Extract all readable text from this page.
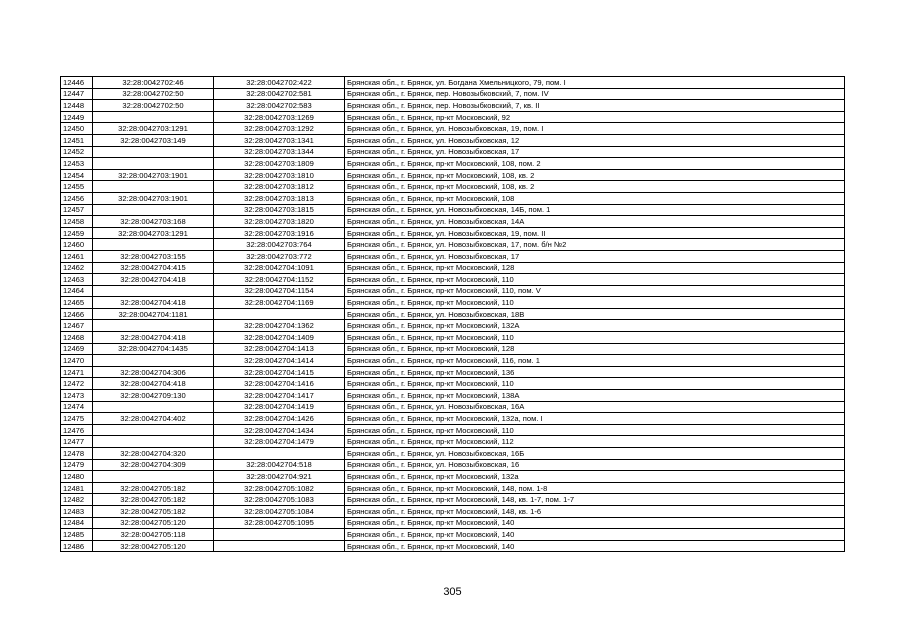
12446	32:28:0042702:46	32:28:0042702:422	Брянская обл., г. Брянск, ул. Богдана Хмельницкого, 79, пом. I
12447	32:28:0042702:50	32:28:0042702:581	Брянская обл., г. Брянск, пер. Новозыбковский, 7, пом. IV
12448	32:28:0042702:50	32:28:0042702:583	Брянская обл., г. Брянск, пер. Новозыбковский, 7, кв. II
12449		32:28:0042703:1269	Брянская обл., г. Брянск, пр-кт Московский, 92
12450	32:28:0042703:1291	32:28:0042703:1292	Брянская обл., г. Брянск, ул. Новозыбковская, 19, пом. I
12451	32:28:0042703:149	32:28:0042703:1341	Брянская обл., г. Брянск, ул. Новозыбковская, 12
12452		32:28:0042703:1344	Брянская обл., г. Брянск, ул. Новозыбковская, 17
12453		32:28:0042703:1809	Брянская обл., г. Брянск, пр-кт Московский, 108, пом. 2
12454	32:28:0042703:1901	32:28:0042703:1810	Брянская обл., г. Брянск, пр-кт Московский, 108, кв. 2
12455		32:28:0042703:1812	Брянская обл., г. Брянск, пр-кт Московский, 108, кв. 2
12456	32:28:0042703:1901	32:28:0042703:1813	Брянская обл., г. Брянск, пр-кт Московский, 108
12457		32:28:0042703:1815	Брянская обл., г. Брянск, ул. Новозыбковская, 14Б, пом. 1
12458	32:28:0042703:168	32:28:0042703:1820	Брянская обл., г. Брянск, ул. Новозыбковская, 14А
12459	32:28:0042703:1291	32:28:0042703:1916	Брянская обл., г. Брянск, ул. Новозыбковская, 19, пом. II
12460		32:28:0042703:764	Брянская обл., г. Брянск, ул. Новозыбковская, 17, пом. б/н №2
12461	32:28:0042703:155	32:28:0042703:772	Брянская обл., г. Брянск, ул. Новозыбковская, 17
12462	32:28:0042704:415	32:28:0042704:1091	Брянская обл., г. Брянск, пр-кт Московский, 128
12463	32:28:0042704:418	32:28:0042704:1152	Брянская обл., г. Брянск, пр-кт Московский, 110
12464		32:28:0042704:1154	Брянская обл., г. Брянск, пр-кт Московский, 110, пом. V
12465	32:28:0042704:418	32:28:0042704:1169	Брянская обл., г. Брянск, пр-кт Московский, 110
12466	32:28:0042704:1181		Брянская обл., г. Брянск, ул. Новозыбковская, 18В
12467		32:28:0042704:1362	Брянская обл., г. Брянск, пр-кт Московский, 132А
12468	32:28:0042704:418	32:28:0042704:1409	Брянская обл., г. Брянск, пр-кт Московский, 110
12469	32:28:0042704:1435	32:28:0042704:1413	Брянская обл., г. Брянск, пр-кт Московский, 128
12470		32:28:0042704:1414	Брянская обл., г. Брянск, пр-кт Московский, 116, пом. 1
12471	32:28:0042704:306	32:28:0042704:1415	Брянская обл., г. Брянск, пр-кт Московский, 136
12472	32:28:0042704:418	32:28:0042704:1416	Брянская обл., г. Брянск, пр-кт Московский, 110
12473	32:28:0042709:130	32:28:0042704:1417	Брянская обл., г. Брянск, пр-кт Московский, 138А
12474		32:28:0042704:1419	Брянская обл., г. Брянск, ул. Новозыбковская, 16А
12475	32:28:0042704:402	32:28:0042704:1426	Брянская обл., г. Брянск, пр-кт Московский, 132а, пом. I
12476		32:28:0042704:1434	Брянская обл., г. Брянск, пр-кт Московский, 110
12477		32:28:0042704:1479	Брянская обл., г. Брянск, пр-кт Московский, 112
12478	32:28:0042704:320		Брянская обл., г. Брянск, ул. Новозыбковская, 16Б
12479	32:28:0042704:309	32:28:0042704:518	Брянская обл., г. Брянск, ул. Новозыбковская, 16
12480		32:28:0042704:921	Брянская обл., г. Брянск, пр-кт Московский, 132а
12481	32:28:0042705:182	32:28:0042705:1082	Брянская обл., г. Брянск, пр-кт Московский, 148, пом. 1-8
12482	32:28:0042705:182	32:28:0042705:1083	Брянская обл., г. Брянск, пр-кт Московский, 148, кв. 1-7, пом. 1-7
12483	32:28:0042705:182	32:28:0042705:1084	Брянская обл., г. Брянск, пр-кт Московский, 148, кв. 1-6
12484	32:28:0042705:120	32:28:0042705:1095	Брянская обл., г. Брянск, пр-кт Московский, 140
12485	32:28:0042705:118		Брянская обл., г. Брянск, пр-кт Московский, 140
12486	32:28:0042705:120		Брянская обл., г. Брянск, пр-кт Московский, 140
305
